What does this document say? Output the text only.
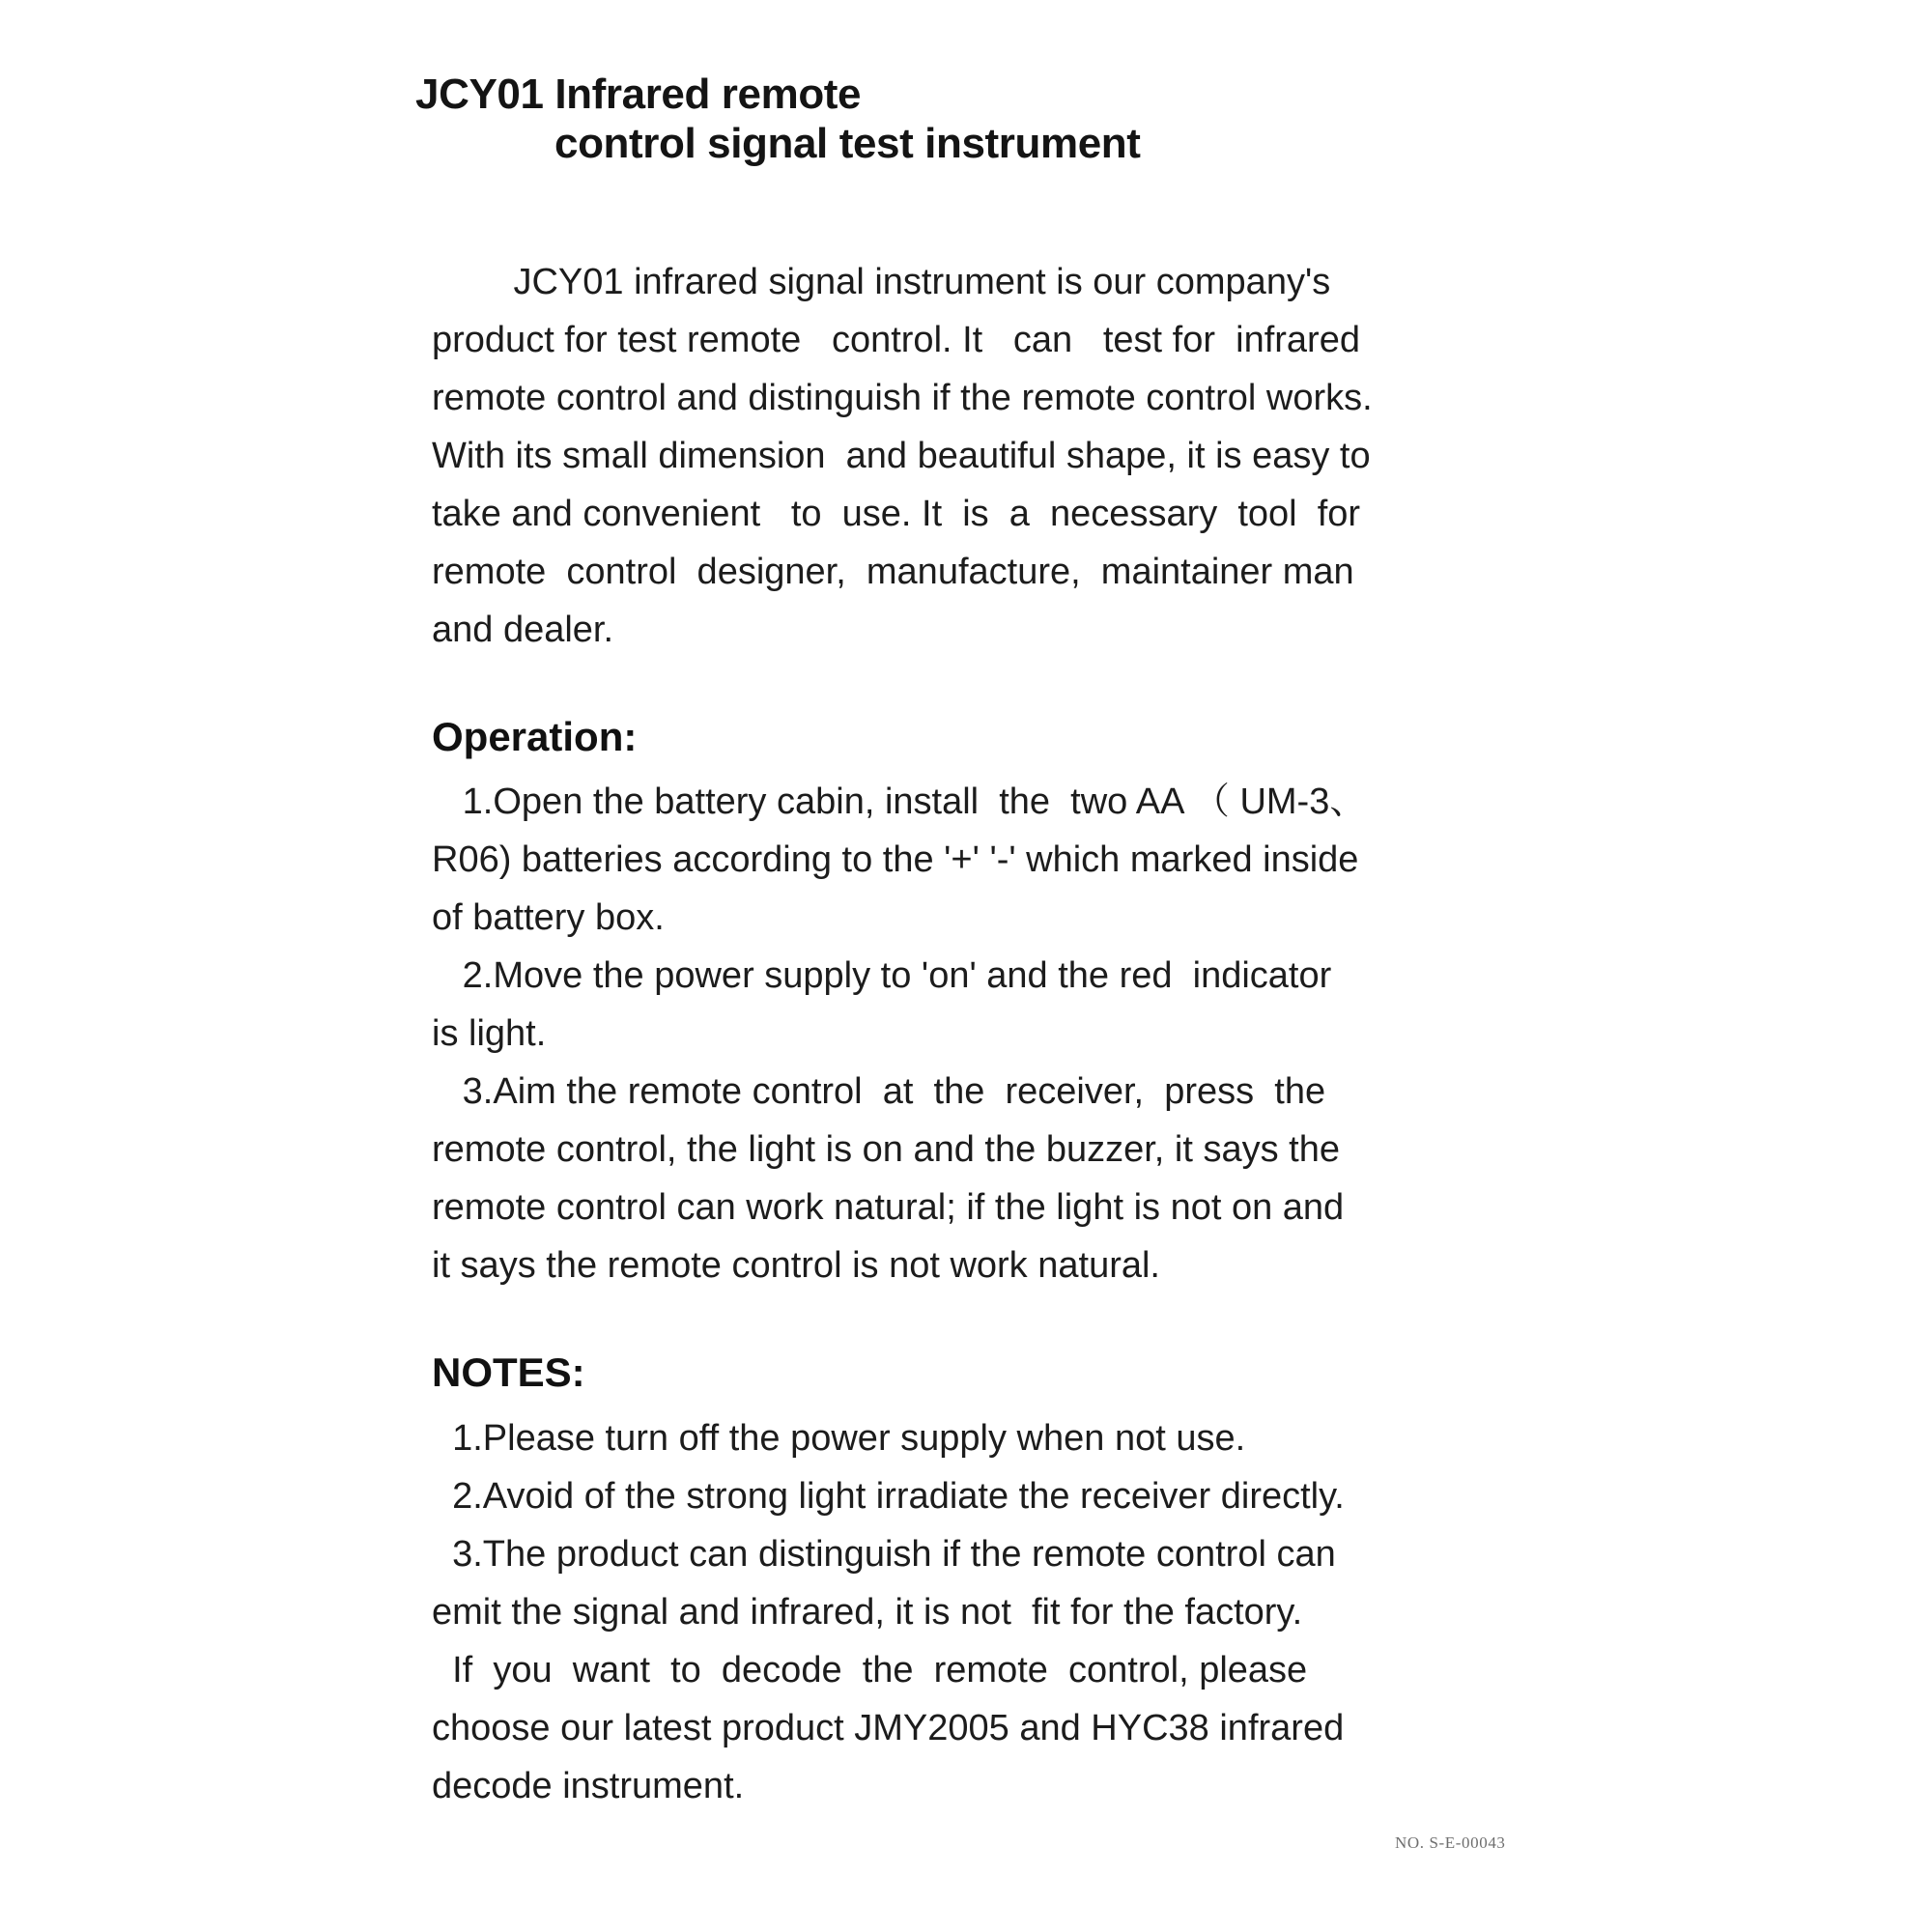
JCY01 Infrared remote
control signal test instrument
JCY01 infrared signal instrument is our company's
product for test remote   control. It   can   test for  infrared
remote control and distinguish if the remote control works.
With its small dimension  and beautiful shape, it is easy to
take and convenient   to  use. It  is  a  necessary  tool  for
remote  control  designer,  manufacture,  maintainer man
and dealer.
Operation:
1.Open the battery cabin, install  the  two AA （ UM-3、
R06) batteries according to the '+' '-' which marked inside
of battery box.
2.Move the power supply to 'on' and the red  indicator
is light.
3.Aim the remote control  at  the  receiver,  press  the
remote control, the light is on and the buzzer, it says the
remote control can work natural; if the light is not on and
it says the remote control is not work natural.
NOTES:
1.Please turn off the power supply when not use.
2.Avoid of the strong light irradiate the receiver directly.
3.The product can distinguish if the remote control can
emit the signal and infrared, it is not  fit for the factory.
If  you  want  to  decode  the  remote  control, please
choose our latest product JMY2005 and HYC38 infrared
decode instrument.
NO. S-E-00043
